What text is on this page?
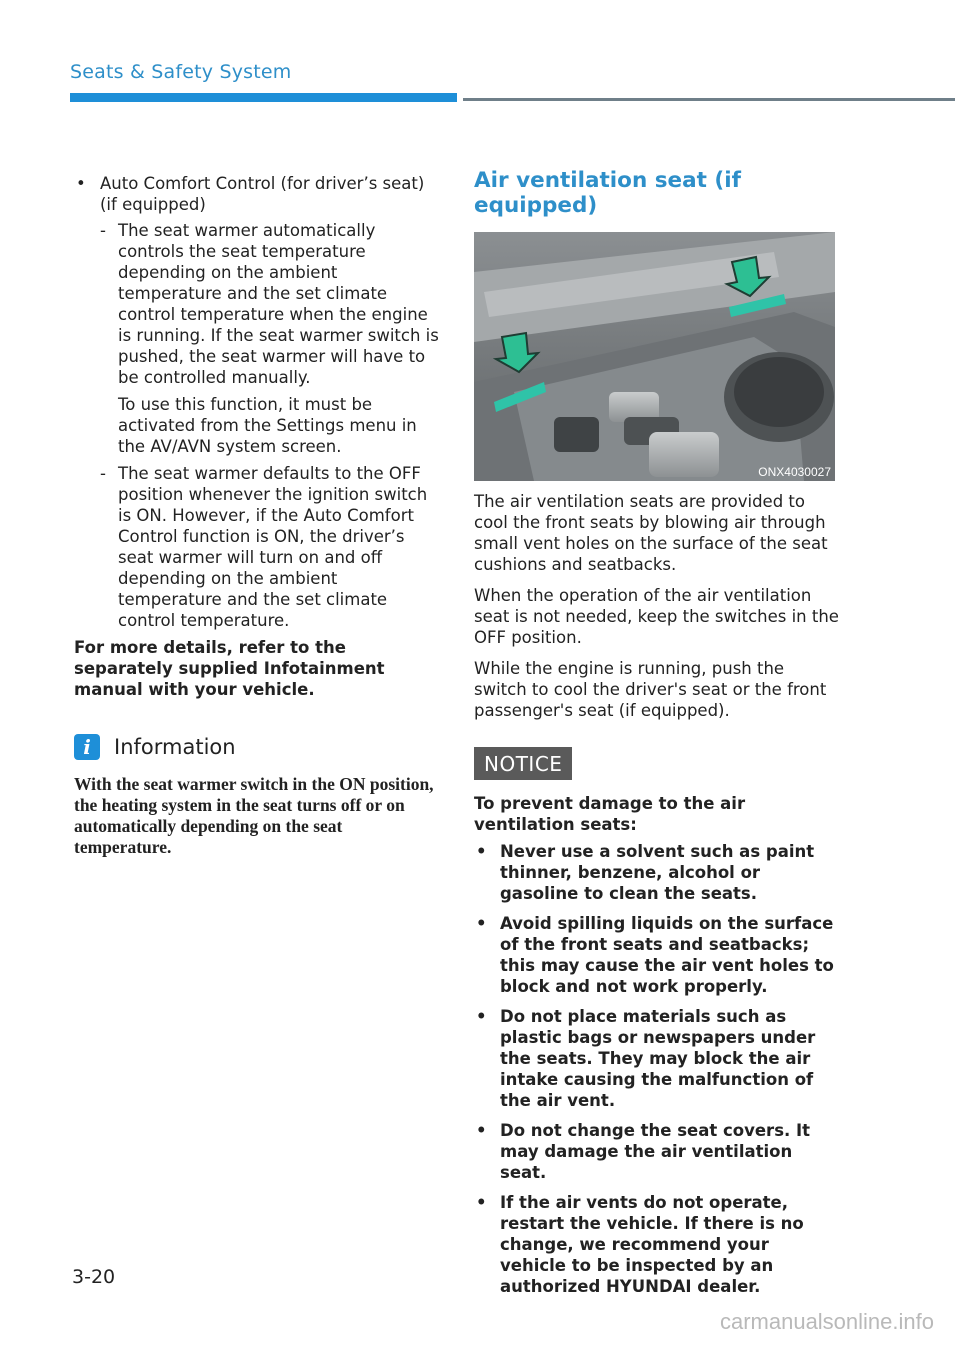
Seats & Safety System
• Auto Comfort Control (for driver’s seat) (if equipped)
- The seat warmer automatically controls the seat temperature depending on the ambient temperature and the set climate control temperature when the engine is running. If the seat warmer switch is pushed, the seat warmer will have to be controlled manually.
To use this function, it must be activated from the Settings menu in the AV/AVN system screen.
- The seat warmer defaults to the OFF position whenever the ignition switch is ON. However, if the Auto Comfort Control function is ON, the driver’s seat warmer will turn on and off depending on the ambient temperature and the set climate control temperature.

For more details, refer to the separately supplied Infotainment manual with your vehicle.

i	Information

With the seat warmer switch in the ON position, the heating system in the seat turns off or on automatically depending on the seat temperature.

Air ventilation seat (if equipped)
ONX4030027

The air ventilation seats are provided to cool the front seats by blowing air through small vent holes on the surface of the seat cushions and seatbacks.

When the operation of the air ventilation seat is not needed, keep the switches in the OFF position.

While the engine is running, push the switch to cool the driver's seat or the front passenger's seat (if equipped).

NOTICE

To prevent damage to the air ventilation seats:

• Never use a solvent such as paint thinner, benzene, alcohol or gasoline to clean the seats.
• Avoid spilling liquids on the surface of the front seats and seatbacks; this may cause the air vent holes to block and not work properly.
• Do not place materials such as plastic bags or newspapers under the seats. They may block the air intake causing the malfunction of the air vent.
• Do not change the seat covers. It may damage the air ventilation seat.
• If the air vents do not operate, restart the vehicle. If there is no change, we recommend your vehicle to be inspected by an authorized HYUNDAI dealer.
3-20
carmanualsonline.info
